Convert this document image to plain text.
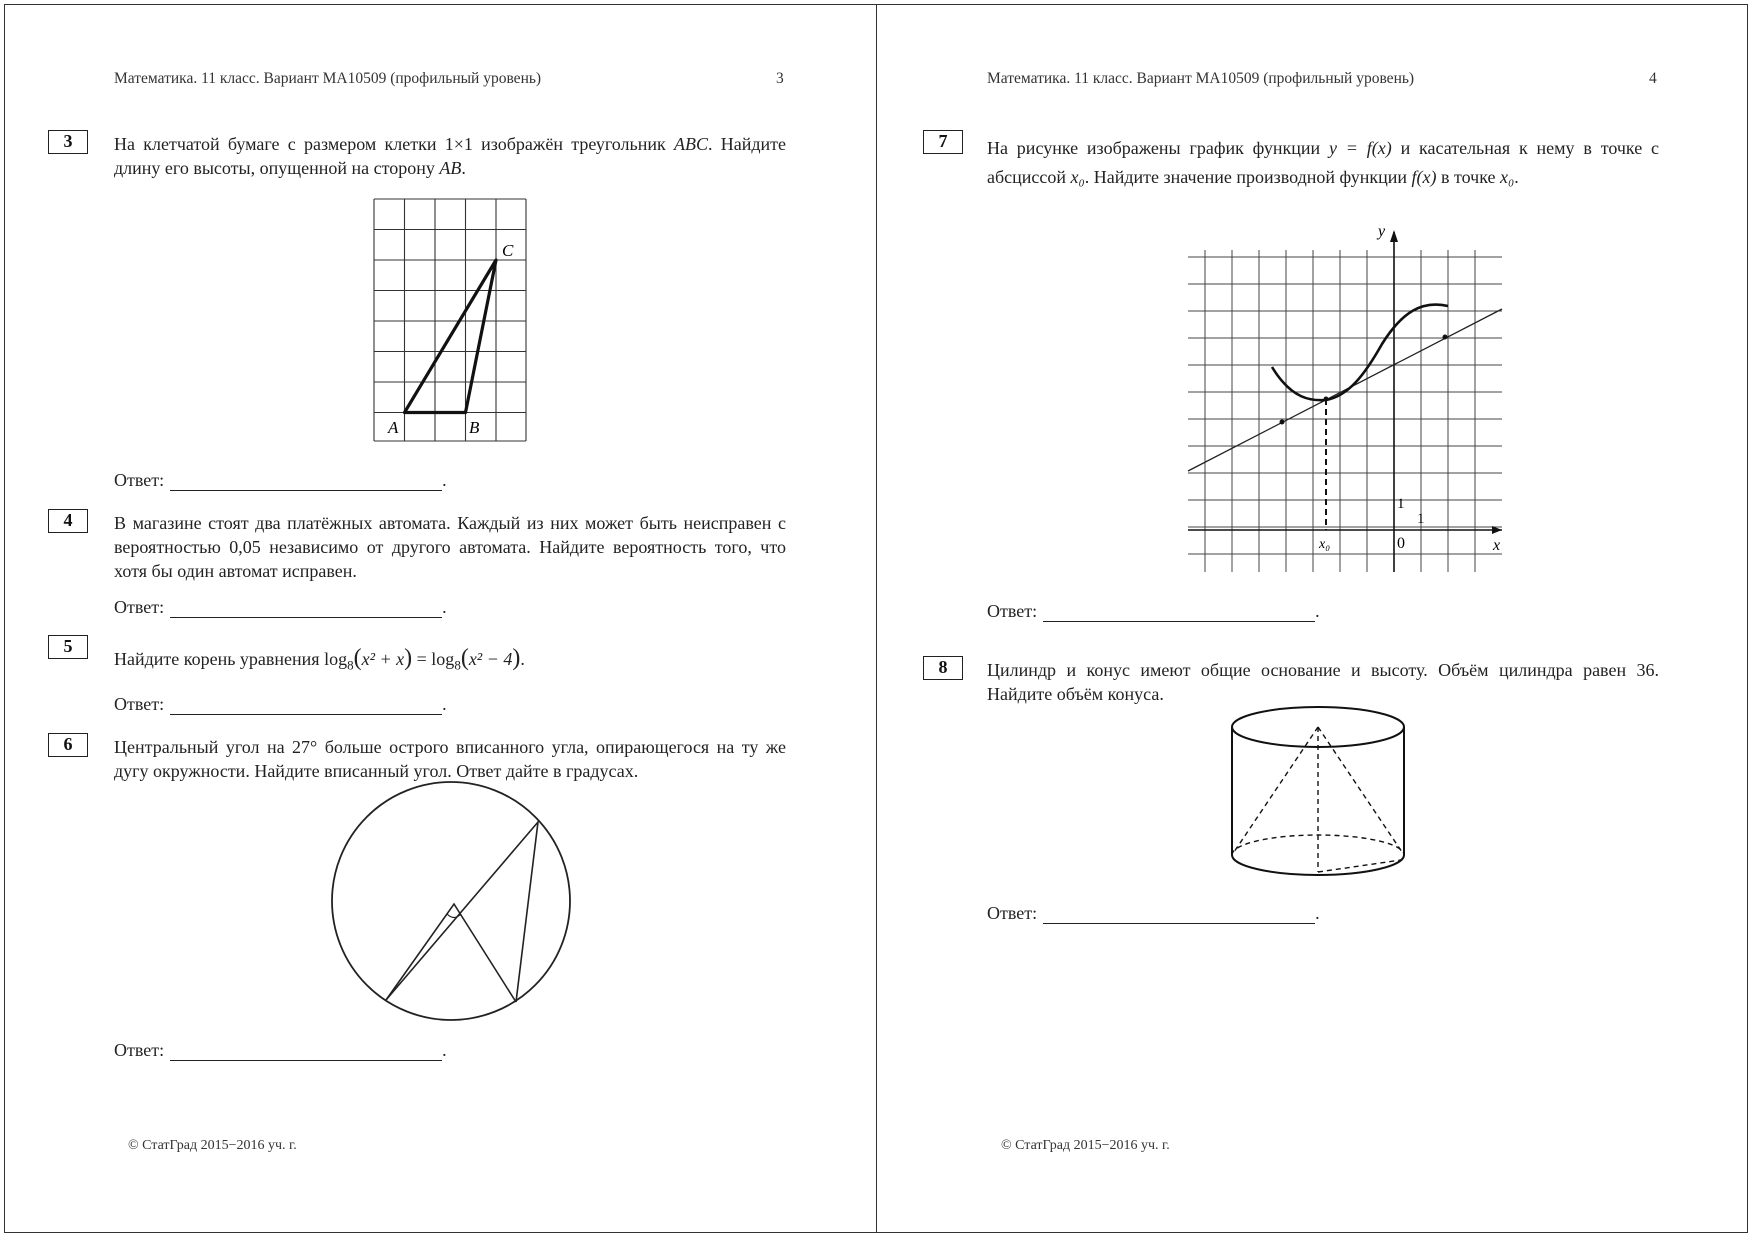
Математика. 11 класс. Вариант МА10509 (профильный уровень)	3
3	На клетчатой бумаге с размером клетки 1×1 изображён треугольник ABC. Найдите длину его высоты, опущенной на сторону AB.
A	B
C
Ответ:	.
4	В магазине стоят два платёжных автомата. Каждый из них может быть неисправен с вероятностью 0,05 независимо от другого автомата. Найдите вероятность того, что хотя бы один автомат исправен.
Ответ:	.
5
Найдите корень уравнения $\log_8(x^2 + x) = \log_8(x^2 - 4)$.
Ответ:	.
6	Центральный угол на 27° больше острого вписанного угла, опирающегося на ту же дугу окружности. Найдите вписанный угол. Ответ дайте в градусах.
Ответ:	.
© СтатГрад 2015−2016 уч. г.
Математика. 11 класс. Вариант МА10509 (профильный уровень)	4
7	На рисунке изображены график функции y = f(x) и касательная к нему в точке с абсциссой x₀. Найдите значение производной функции f(x) в точке x₀.
y
x
0
1
1
x₀
Ответ:	.
8	Цилиндр и конус имеют общие основание и высоту. Объём цилиндра равен 36. Найдите объём конуса.
Ответ:	.
© СтатГрад 2015−2016 уч. г.
